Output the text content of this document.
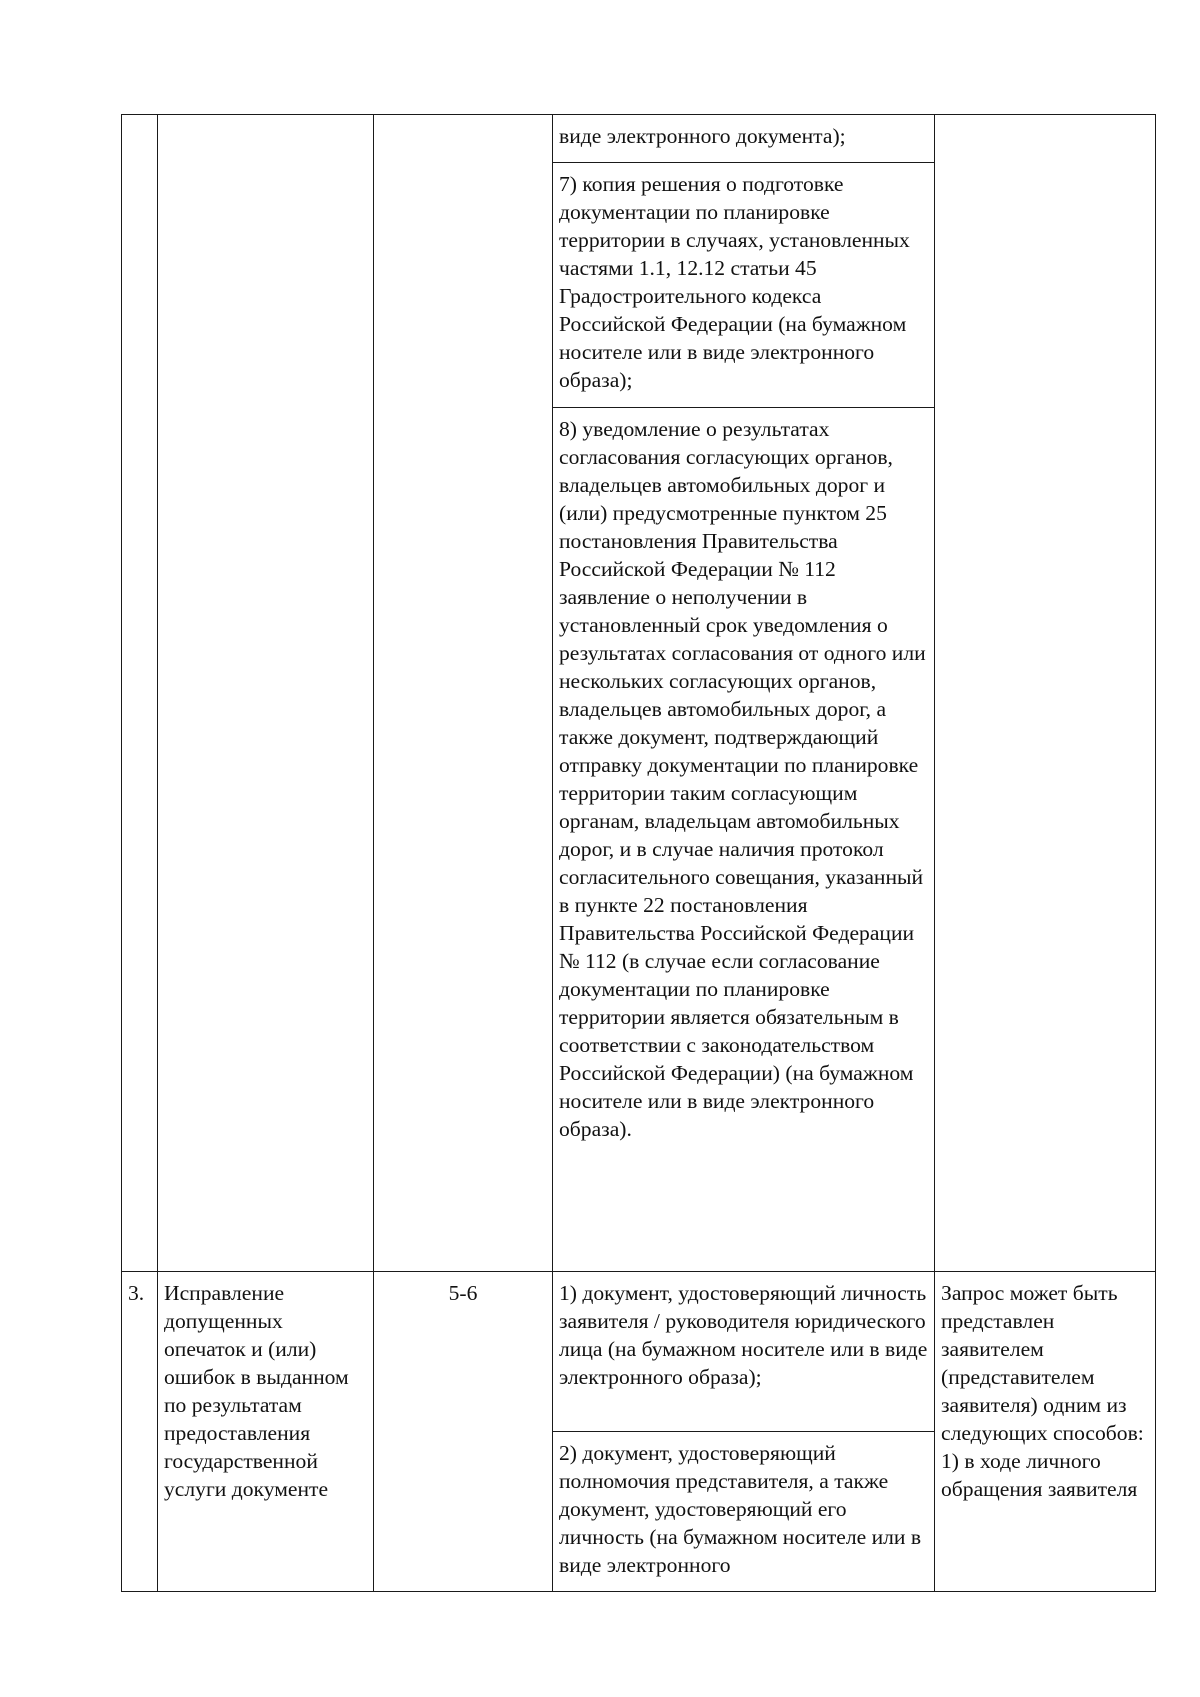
			виде электронного документа);	
			7) копия решения о подготовке документации по планировке территории в случаях, установленных частями 1.1, 12.12 статьи 45 Градостроительного кодекса Российской Федерации (на бумажном носителе или в виде электронного образа);	
			8) уведомление о результатах согласования согласующих органов, владельцев автомобильных дорог и (или) предусмотренные пунктом 25 постановления Правительства Российской Федерации № 112 заявление о неполучении в установленный срок уведомления о результатах согласования от одного или нескольких согласующих органов, владельцев автомобильных дорог, а также документ, подтверждающий отправку документации по планировке территории таким согласующим органам, владельцам автомобильных дорог, и в случае наличия протокол согласительного совещания, указанный в пункте 22 постановления Правительства Российской Федерации № 112 (в случае если согласование документации по планировке территории является обязательным в соответствии с законодательством Российской Федерации) (на бумажном носителе или в виде электронного образа).	
3.	Исправление допущенных опечаток и (или) ошибок в выданном по результатам предоставления государственной услуги документе	5-6	1) документ, удостоверяющий личность заявителя / руководителя юридического лица (на бумажном носителе или в виде электронного образа);	Запрос может быть представлен заявителем (представителем заявителя) одним из следующих способов: 1) в ходе личного обращения заявителя
			2) документ, удостоверяющий полномочия представителя, а также документ, удостоверяющий его личность (на бумажном носителе или в виде электронного	
